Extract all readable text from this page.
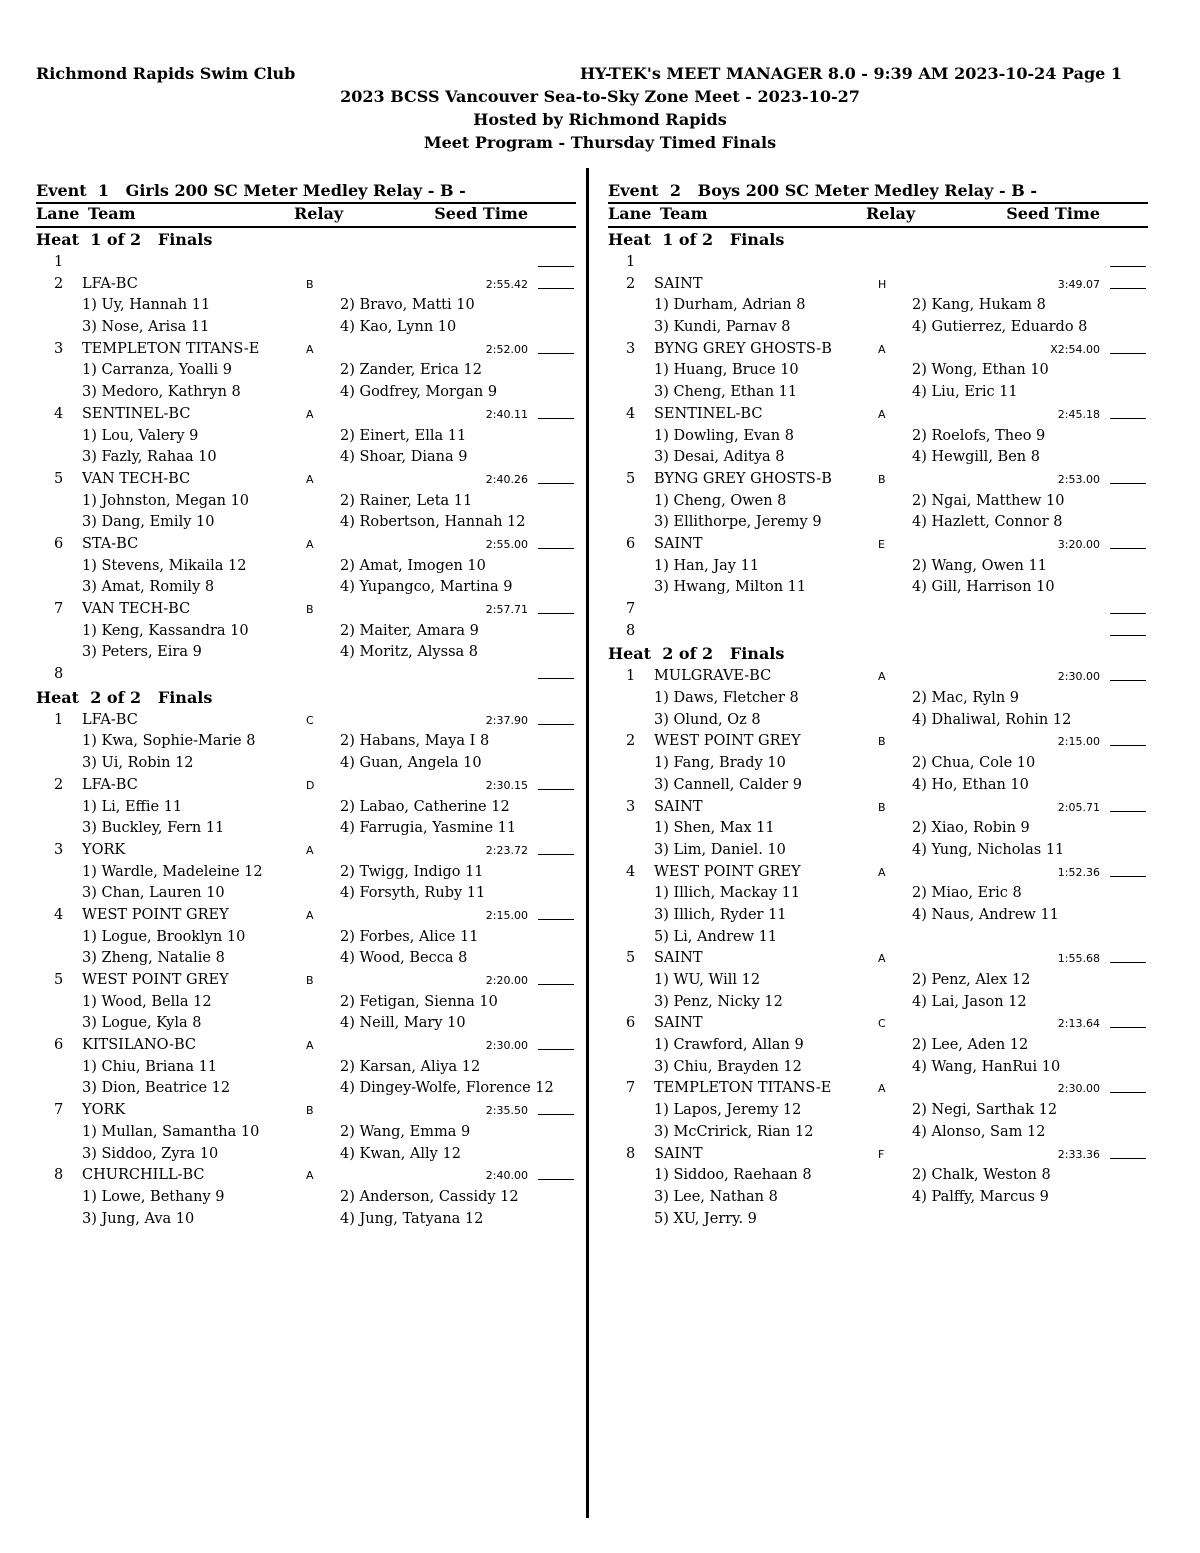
Richmond Rapids Swim Club	HY-TEK's MEET MANAGER 8.0 - 9:39 AM 2023-10-24 Page 1
2023 BCSS Vancouver Sea-to-Sky Zone Meet - 2023-10-27
Hosted by Richmond Rapids
Meet Program - Thursday Timed Finals
Event  1   Girls 200 SC Meter Medley Relay - B -
Lane Team	Relay	Seed Time
Heat  1 of 2   Finals
1
2	LFA-BC	B	2:55.42
1) Uy, Hannah 11	2) Bravo, Matti 10
3) Nose, Arisa 11	4) Kao, Lynn 10
3	TEMPLETON TITANS-E	A	2:52.00
1) Carranza, Yoalli 9	2) Zander, Erica 12
3) Medoro, Kathryn 8	4) Godfrey, Morgan 9
4	SENTINEL-BC	A	2:40.11
1) Lou, Valery 9	2) Einert, Ella 11
3) Fazly, Rahaa 10	4) Shoar, Diana 9
5	VAN TECH-BC	A	2:40.26
1) Johnston, Megan 10	2) Rainer, Leta 11
3) Dang, Emily 10	4) Robertson, Hannah 12
6	STA-BC	A	2:55.00
1) Stevens, Mikaila 12	2) Amat, Imogen 10
3) Amat, Romily 8	4) Yupangco, Martina 9
7	VAN TECH-BC	B	2:57.71
1) Keng, Kassandra 10	2) Maiter, Amara 9
3) Peters, Eira 9	4) Moritz, Alyssa 8
8
Heat  2 of 2   Finals
1	LFA-BC	C	2:37.90
1) Kwa, Sophie-Marie 8	2) Habans, Maya I 8
3) Ui, Robin 12	4) Guan, Angela 10
2	LFA-BC	D	2:30.15
1) Li, Effie 11	2) Labao, Catherine 12
3) Buckley, Fern 11	4) Farrugia, Yasmine 11
3	YORK	A	2:23.72
1) Wardle, Madeleine 12	2) Twigg, Indigo 11
3) Chan, Lauren 10	4) Forsyth, Ruby 11
4	WEST POINT GREY	A	2:15.00
1) Logue, Brooklyn 10	2) Forbes, Alice 11
3) Zheng, Natalie 8	4) Wood, Becca 8
5	WEST POINT GREY	B	2:20.00
1) Wood, Bella 12	2) Fetigan, Sienna 10
3) Logue, Kyla 8	4) Neill, Mary 10
6	KITSILANO-BC	A	2:30.00
1) Chiu, Briana 11	2) Karsan, Aliya 12
3) Dion, Beatrice 12	4) Dingey-Wolfe, Florence 12
7	YORK	B	2:35.50
1) Mullan, Samantha 10	2) Wang, Emma 9
3) Siddoo, Zyra 10	4) Kwan, Ally 12
8	CHURCHILL-BC	A	2:40.00
1) Lowe, Bethany 9	2) Anderson, Cassidy 12
3) Jung, Ava 10	4) Jung, Tatyana 12
Event  2   Boys 200 SC Meter Medley Relay - B -
Lane Team	Relay	Seed Time
Heat  1 of 2   Finals
1
2	SAINT	H	3:49.07
1) Durham, Adrian 8	2) Kang, Hukam 8
3) Kundi, Parnav 8	4) Gutierrez, Eduardo 8
3	BYNG GREY GHOSTS-B	A	X2:54.00
1) Huang, Bruce 10	2) Wong, Ethan 10
3) Cheng, Ethan 11	4) Liu, Eric 11
4	SENTINEL-BC	A	2:45.18
1) Dowling, Evan 8	2) Roelofs, Theo 9
3) Desai, Aditya 8	4) Hewgill, Ben 8
5	BYNG GREY GHOSTS-B	B	2:53.00
1) Cheng, Owen 8	2) Ngai, Matthew 10
3) Ellithorpe, Jeremy 9	4) Hazlett, Connor 8
6	SAINT	E	3:20.00
1) Han, Jay 11	2) Wang, Owen 11
3) Hwang, Milton 11	4) Gill, Harrison 10
7
8
Heat  2 of 2   Finals
1	MULGRAVE-BC	A	2:30.00
1) Daws, Fletcher 8	2) Mac, Ryln 9
3) Olund, Oz 8	4) Dhaliwal, Rohin 12
2	WEST POINT GREY	B	2:15.00
1) Fang, Brady 10	2) Chua, Cole 10
3) Cannell, Calder 9	4) Ho, Ethan 10
3	SAINT	B	2:05.71
1) Shen, Max 11	2) Xiao, Robin 9
3) Lim, Daniel. 10	4) Yung, Nicholas 11
4	WEST POINT GREY	A	1:52.36
1) Illich, Mackay 11	2) Miao, Eric 8
3) Illich, Ryder 11	4) Naus, Andrew 11
5) Li, Andrew 11
5	SAINT	A	1:55.68
1) WU, Will 12	2) Penz, Alex 12
3) Penz, Nicky 12	4) Lai, Jason 12
6	SAINT	C	2:13.64
1) Crawford, Allan 9	2) Lee, Aden 12
3) Chiu, Brayden 12	4) Wang, HanRui 10
7	TEMPLETON TITANS-E	A	2:30.00
1) Lapos, Jeremy 12	2) Negi, Sarthak 12
3) McCririck, Rian 12	4) Alonso, Sam 12
8	SAINT	F	2:33.36
1) Siddoo, Raehaan 8	2) Chalk, Weston 8
3) Lee, Nathan 8	4) Palffy, Marcus 9
5) XU, Jerry. 9
